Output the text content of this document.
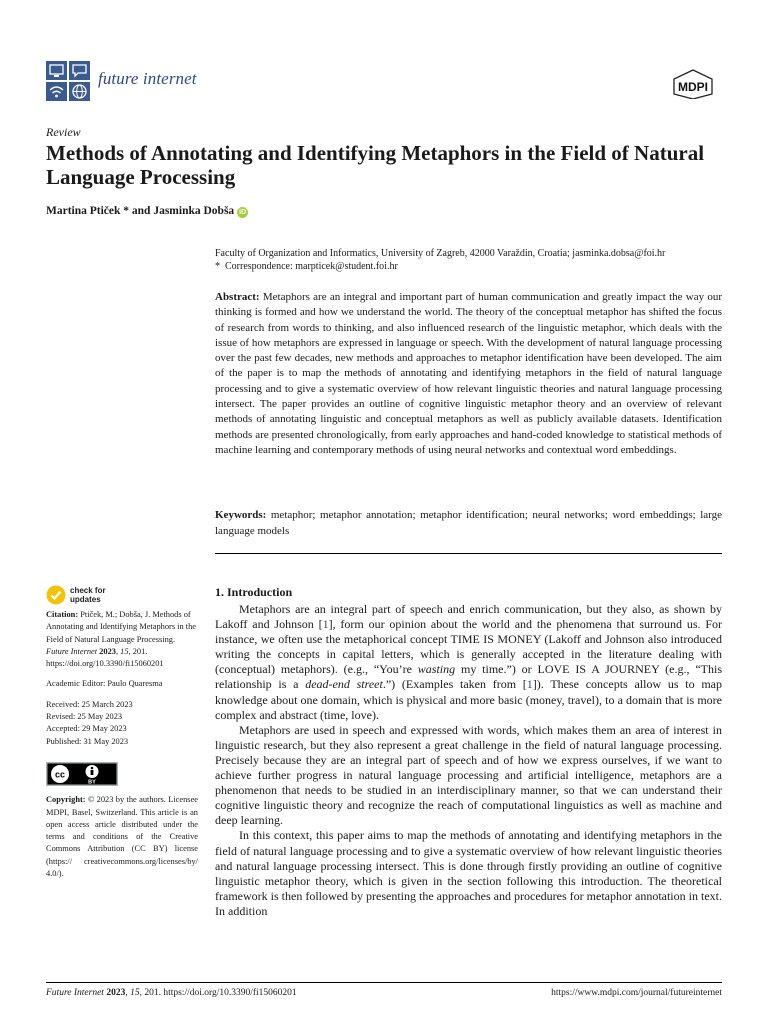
future internet	MDPI
Review
Methods of Annotating and Identifying Metaphors in the Field of Natural Language Processing
Martina Ptiček * and Jasminka Dobša iD
Faculty of Organization and Informatics, University of Zagreb, 42000 Varaždin, Croatia; jasminka.dobsa@foi.hr
* Correspondence: marpticek@student.foi.hr
Abstract: Metaphors are an integral and important part of human communication and greatly impact the way our thinking is formed and how we understand the world. The theory of the conceptual metaphor has shifted the focus of research from words to thinking, and also influenced research of the linguistic metaphor, which deals with the issue of how metaphors are expressed in language or speech. With the development of natural language processing over the past few decades, new methods and approaches to metaphor identification have been developed. The aim of the paper is to map the methods of annotating and identifying metaphors in the field of natural language processing and to give a systematic overview of how relevant linguistic theories and natural language processing intersect. The paper provides an outline of cognitive linguistic metaphor theory and an overview of relevant methods of annotating linguistic and conceptual metaphors as well as publicly available datasets. Identification methods are presented chronologically, from early approaches and hand-coded knowledge to statistical methods of machine learning and contemporary methods of using neural networks and contextual word embeddings.
Keywords: metaphor; metaphor annotation; metaphor identification; neural networks; word embeddings; large language models
check for
updates
Citation: Ptiček, M.; Dobša, J. Methods of Annotating and Identifying Metaphors in the Field of Natural Language Processing. Future Internet 2023, 15, 201. https://doi.org/10.3390/fi15060201
Academic Editor: Paulo Quaresma
Received: 25 March 2023
Revised: 25 May 2023
Accepted: 29 May 2023
Published: 31 May 2023
cc
BY
Copyright: © 2023 by the authors. Licensee MDPI, Basel, Switzerland. This article is an open access article distributed under the terms and conditions of the Creative Commons Attribution (CC BY) license (https:// creativecommons.org/licenses/by/ 4.0/).
1. Introduction

Metaphors are an integral part of speech and enrich communication, but they also, as shown by Lakoff and Johnson [1], form our opinion about the world and the phenomena that surround us. For instance, we often use the metaphorical concept TIME IS MONEY (Lakoff and Johnson also introduced writing the concepts in capital letters, which is generally accepted in the literature dealing with (conceptual) metaphors). (e.g., “You’re wasting my time.”) or LOVE IS A JOURNEY (e.g., “This relationship is a dead-end street.”) (Examples taken from [1]). These concepts allow us to map knowledge about one domain, which is physical and more basic (money, travel), to a domain that is more complex and abstract (time, love).

Metaphors are used in speech and expressed with words, which makes them an area of interest in linguistic research, but they also represent a great challenge in the field of natural language processing. Precisely because they are an integral part of speech and of how we express ourselves, if we want to achieve further progress in natural language processing and artificial intelligence, metaphors are a phenomenon that needs to be studied in an interdisciplinary manner, so that we can understand their cognitive linguistic theory and recognize the reach of computational linguistics as well as machine and deep learning.

In this context, this paper aims to map the methods of annotating and identifying metaphors in the field of natural language processing and to give a systematic overview of how relevant linguistic theories and natural language processing intersect. This is done through firstly providing an outline of cognitive linguistic metaphor theory, which is given in the section following this introduction. The theoretical framework is then followed by presenting the approaches and procedures for metaphor annotation in text. In addition

Future Internet 2023, 15, 201. https://doi.org/10.3390/fi15060201	https://www.mdpi.com/journal/futureinternet
